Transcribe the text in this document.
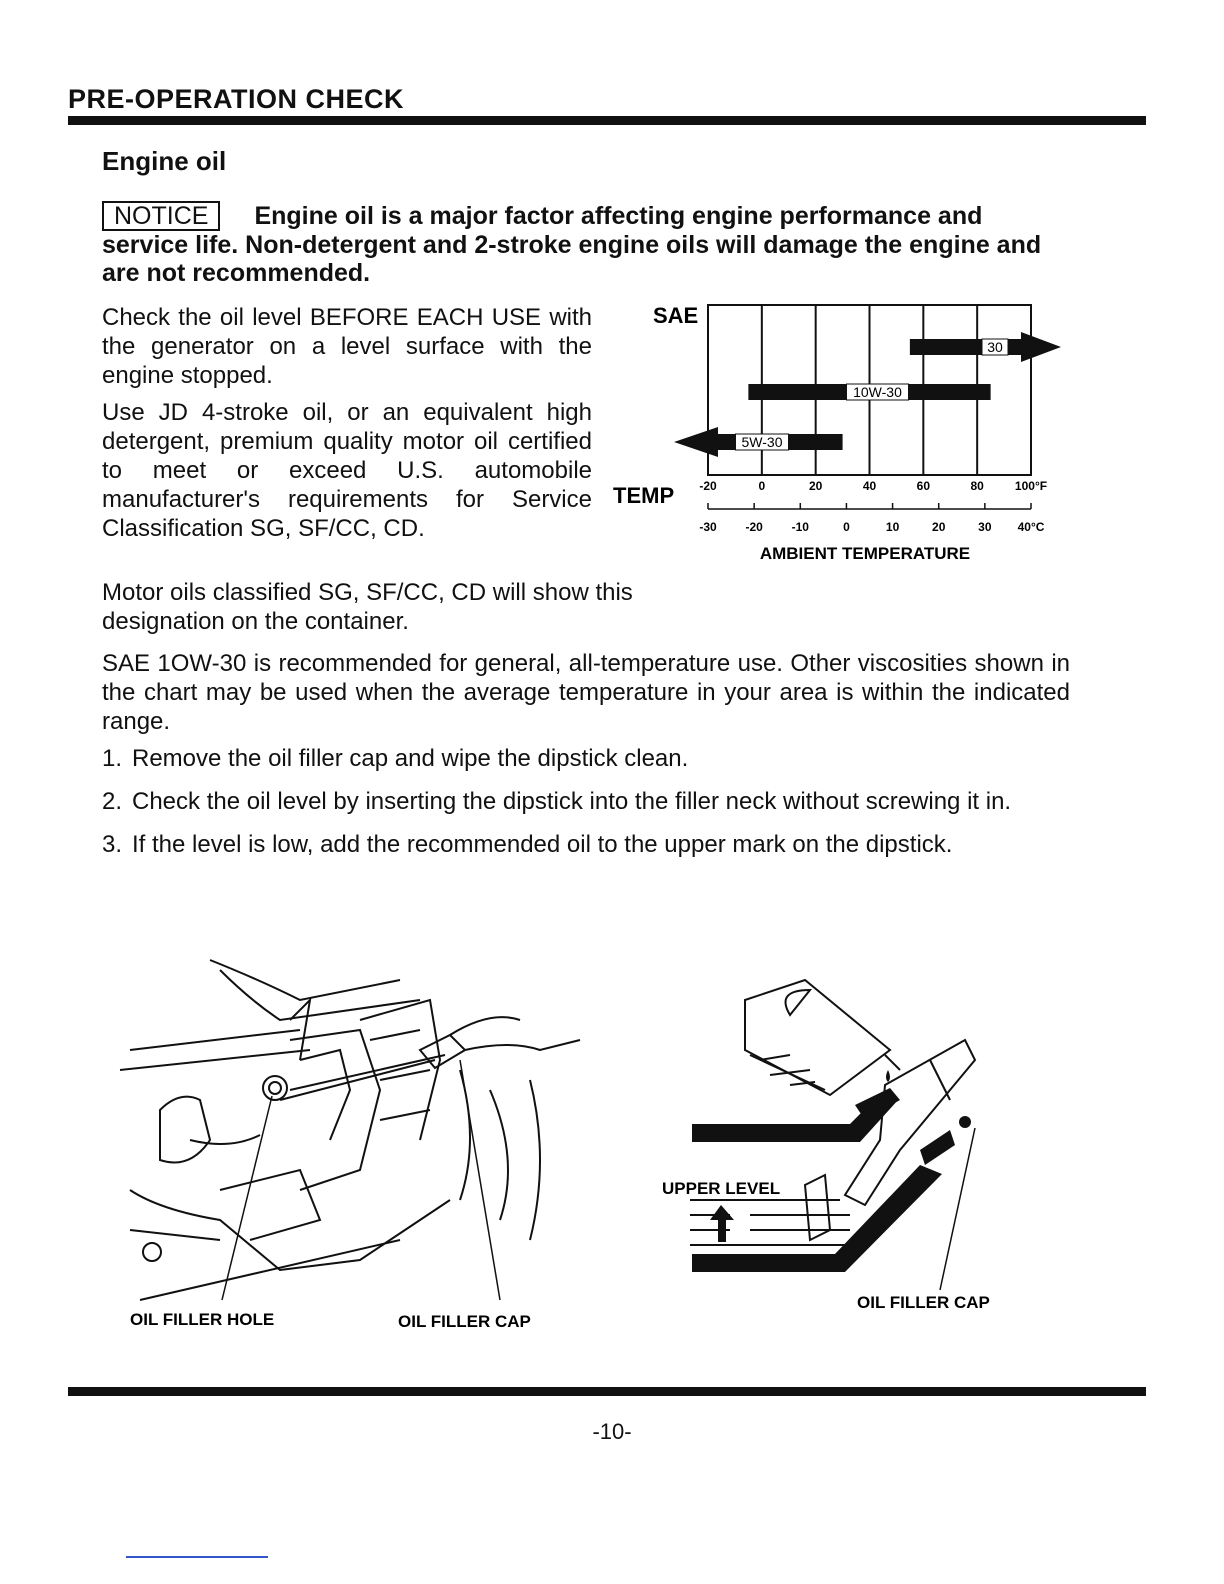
PRE-OPERATION CHECK
Engine oil
NOTICE Engine oil is a major factor affecting engine performance and service life. Non-detergent and 2-stroke engine oils will damage the engine and are not recommended.

Check the oil level BEFORE EACH USE with the generator on a level surface with the engine stopped.

Use JD 4-stroke oil, or an equivalent high detergent, premium quality motor oil certified to meet or exceed U.S. automobile manufacturer's requirements for Service Classification SG, SF/CC, CD.

Motor oils classified SG, SF/CC, CD will show this designation on the container.
SAE
30
10W-30
5W-30
TEMP -20	0	20	40	60	80	100°F
-30 -20 -10	0	10	20	30 40°C
AMBIENT TEMPERATURE
SAE 1OW-30 is recommended for general, all-temperature use. Other viscosities shown in the chart may be used when the average temperature in your area is within the indicated range.
1. Remove the oil filler cap and wipe the dipstick clean.
2. Check the oil level by inserting the dipstick into the filler neck without screwing it in.
3. If the level is low, add the recommended oil to the upper mark on the dipstick.
OIL FILLER HOLE	OIL FILLER CAP
UPPER LEVEL
OIL FILLER CAP
-10-
